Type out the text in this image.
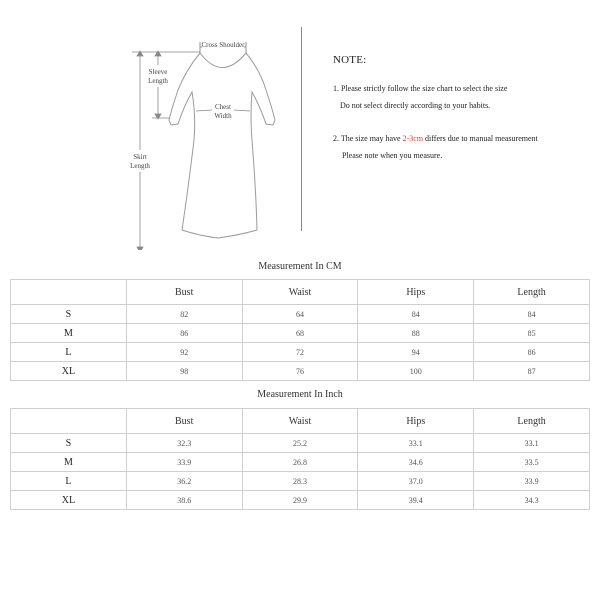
Cross Shoulder
Skirt
Length
Sleeve
Length
Chest
Width
NOTE:
1. Please strictly follow the size chart to select the size
Do not select directly according to your habits.
2. The size may have 2-3cm differs due to manual measurement
Please note when you measure.
Measurement In CM
	Bust	Waist	Hips	Length
S	82	64	84	84
M	86	68	88	85
L	92	72	94	86
XL	98	76	100	87
Measurement In Inch
	Bust	Waist	Hips	Length
S	32.3	25.2	33.1	33.1
M	33.9	26.8	34.6	33.5
L	36.2	28.3	37.0	33.9
XL	38.6	29.9	39.4	34.3
